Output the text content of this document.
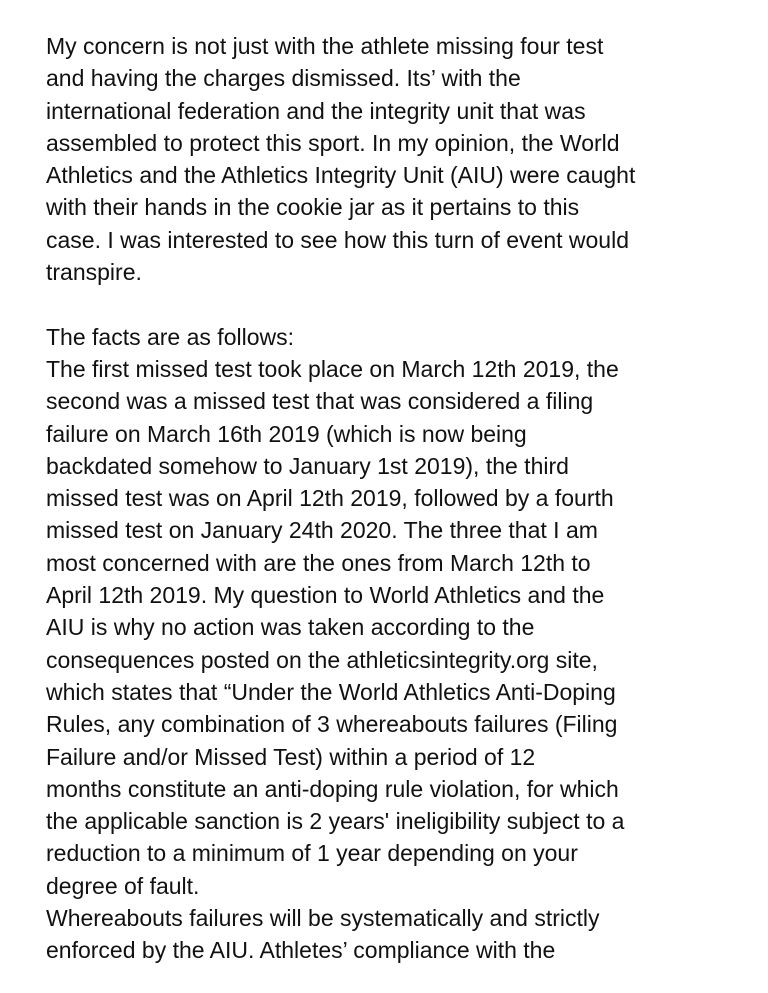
My concern is not just with the athlete missing four test
and having the charges dismissed. Its’ with the
international federation and the integrity unit that was
assembled to protect this sport. In my opinion, the World
Athletics and the Athletics Integrity Unit (AIU) were caught
with their hands in the cookie jar as it pertains to this
case. I was interested to see how this turn of event would
transpire.
The facts are as follows:
The first missed test took place on March 12th 2019, the
second was a missed test that was considered a filing
failure on March 16th 2019 (which is now being
backdated somehow to January 1st 2019), the third
missed test was on April 12th 2019, followed by a fourth
missed test on January 24th 2020. The three that I am
most concerned with are the ones from March 12th to
April 12th 2019. My question to World Athletics and the
AIU is why no action was taken according to the
consequences posted on the athleticsintegrity.org site,
which states that “Under the World Athletics Anti-Doping
Rules, any combination of 3 whereabouts failures (Filing
Failure and/or Missed Test) within a period of 12
months constitute an anti-doping rule violation, for which
the applicable sanction is 2 years' ineligibility subject to a
reduction to a minimum of 1 year depending on your
degree of fault.
Whereabouts failures will be systematically and strictly
enforced by the AIU. Athletes’ compliance with the
